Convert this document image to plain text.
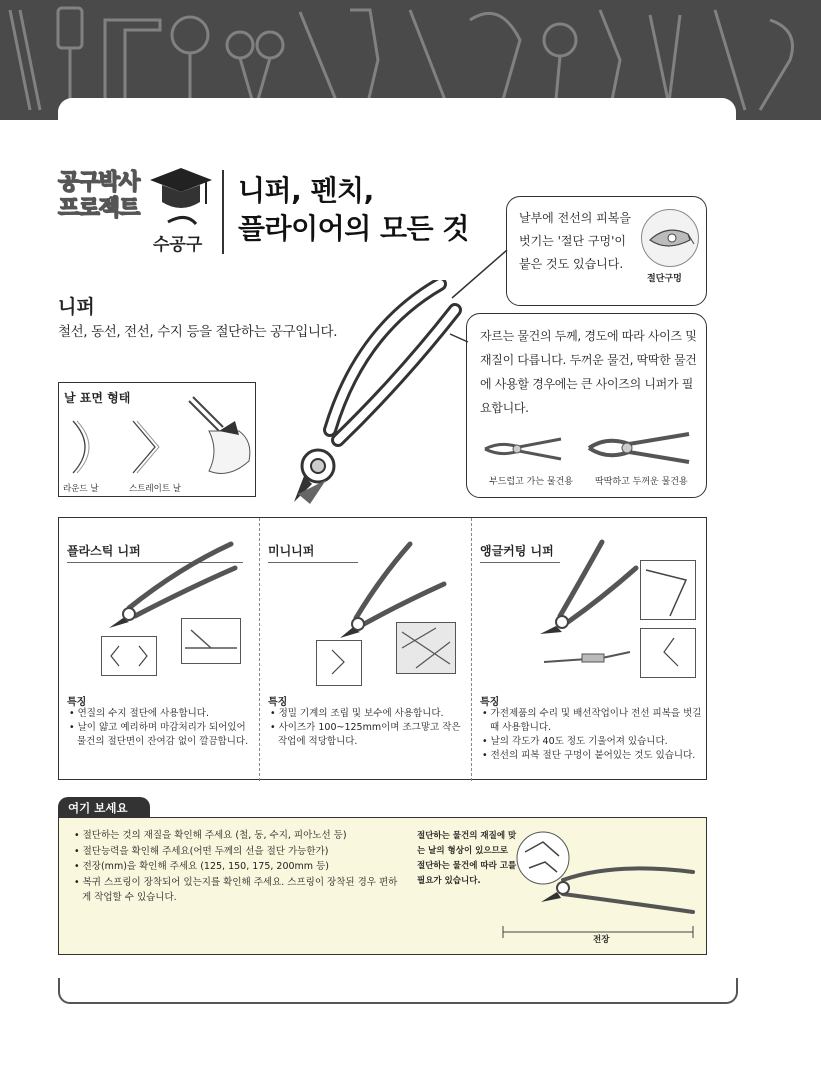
공구박사
프로젝트
수공구
니퍼, 펜치,
플라이어의 모든 것	날부에 전선의 피복을 벗기는 '절단 구멍'이 붙은 것도 있습니다.
절단구멍
자르는 물건의 두께, 경도에 따라 사이즈 및 재질이 다릅니다. 두꺼운 물건, 딱딱한 물건에 사용할 경우에는 큰 사이즈의 니퍼가 필요합니다.
부드럽고 가는 물건용 딱딱하고 두꺼운 물건용
니퍼
철선, 동선, 전선, 수지 등을 절단하는 공구입니다.
날 표면 형태
라운드 날	스트레이트 날
플라스틱 니퍼
특징
• 연질의 수지 절단에 사용합니다.
• 날이 얇고 예리하며 마감처리가 되어있어 물건의 절단면이 잔여감 없이 깔끔합니다.
미니니퍼
특징
• 정밀 기계의 조립 및 보수에 사용합니다.
• 사이즈가 100~125mm이며 조그맣고 작은 작업에 적당합니다.
앵글커팅 니퍼
특징
• 가전제품의 수리 및 배선작업이나 전선 피복을 벗길 때 사용합니다.
• 날의 각도가 40도 정도 기울어져 있습니다.
• 전선의 피복 절단 구멍이 붙어있는 것도 있습니다.
여기 보세요
• 절단하는 것의 재질을 확인해 주세요 (철, 동, 수지, 피아노선 등)
• 절단능력을 확인해 주세요(어떤 두께의 선을 절단 가능한가)
• 전장(mm)을 확인해 주세요 (125, 150, 175, 200mm 등)
• 복귀 스프링이 장착되어 있는지를 확인해 주세요. 스프링이 장착된 경우 편하게 작업할 수 있습니다.
절단하는 물건의 재질에 맞는 날의 형상이 있으므로 절단하는 물건에 따라 고를 필요가 있습니다.
전장
